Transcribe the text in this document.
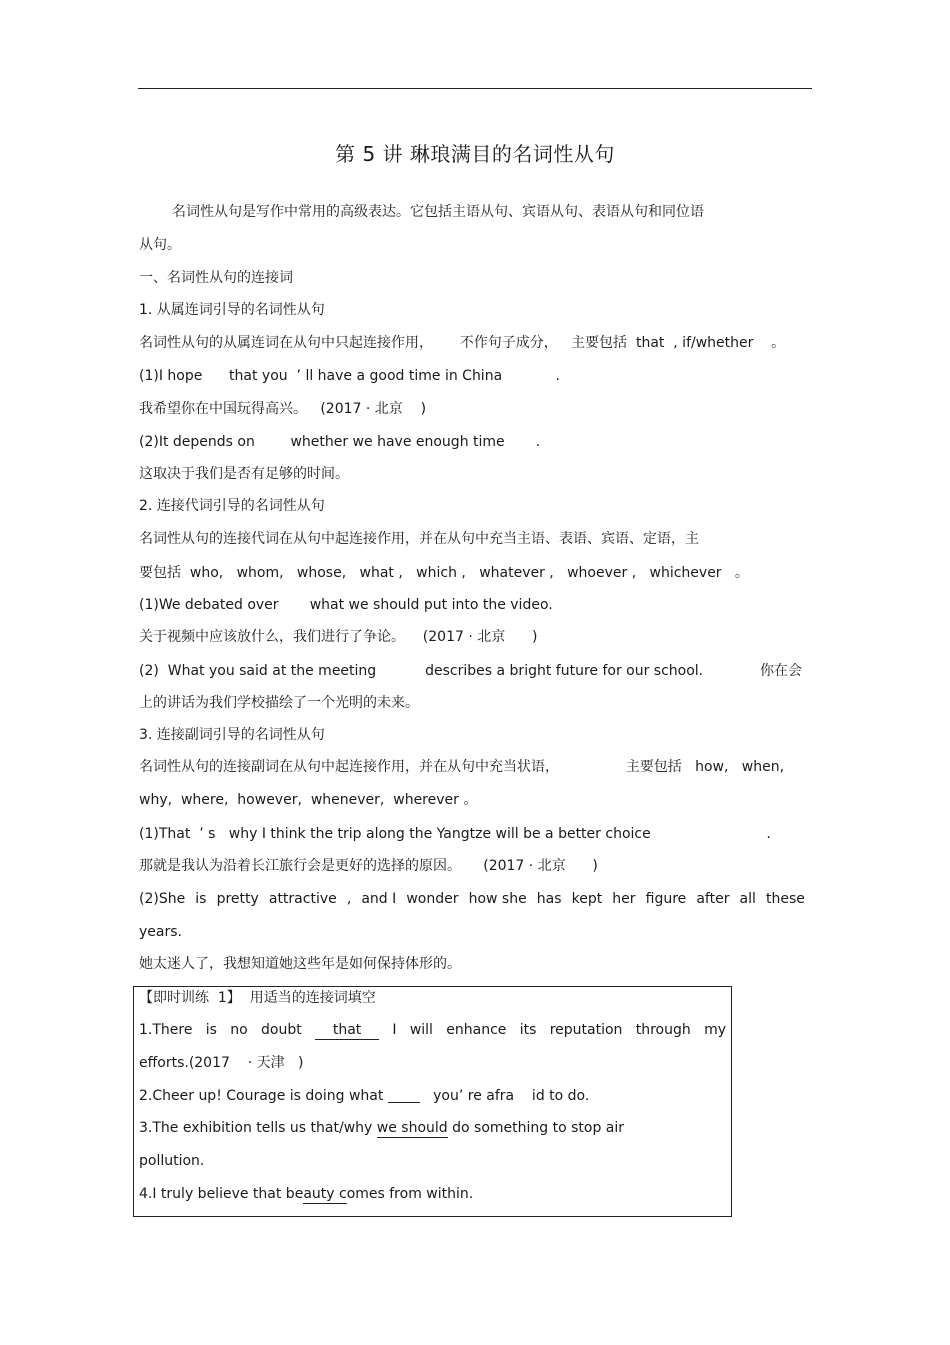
第 5 讲 琳琅满目的名词性从句
名词性从句是写作中常用的高级表达。它包括主语从句、宾语从句、表语从句和同位语
从句。
一、名词性从句的连接词
1. 从属连词引导的名词性从句
名词性从句的从属连词在从句中只起连接作用，      不作句子成分，   主要包括  that  , if/whether    。
(1)I hope      that you  ’ ll have a good time in China            .
我希望你在中国玩得高兴。   (2017 · 北京    )
(2)It depends on        whether we have enough time       .
这取决于我们是否有足够的时间。
2. 连接代词引导的名词性从句
名词性从句的连接代词在从句中起连接作用，并在从句中充当主语、表语、宾语、定语，主
要包括  who,   whom,   whose,   what ,   which ,   whatever ,   whoever ,   whichever   。
(1)We debated over       what we should put into the video.
关于视频中应该放什么，我们进行了争论。    (2017 · 北京      )
(2)  What you said at the meeting           describes a bright future for our school.	你在会
上的讲话为我们学校描绘了一个光明的未来。
3. 连接副词引导的名词性从句
名词性从句的连接副词在从句中起连接作用，并在从句中充当状语，               主要包括   how,   when,
why,  where,  however,  whenever,  wherever 。
(1)That  ’ s   why I think the trip along the Yangtze will be a better choice                          .
那就是我认为沿着长江旅行会是更好的选择的原因。     (2017 · 北京      )
(2)She is pretty attractive , and I wonder how she has kept her figure after all these
years.
她太迷人了，我想知道她这些年是如何保持体形的。
【即时训练  1】  用适当的连接词填空
1.There is no doubt	that	I will enhance its reputation through my
efforts.(2017    · 天津   )
2.Cheer up! Courage is doing what    you’ re afra    id to do.
3.The exhibition tells us that/why we should do something to stop air
pollution.
4.I truly believe that beauty comes from within.
